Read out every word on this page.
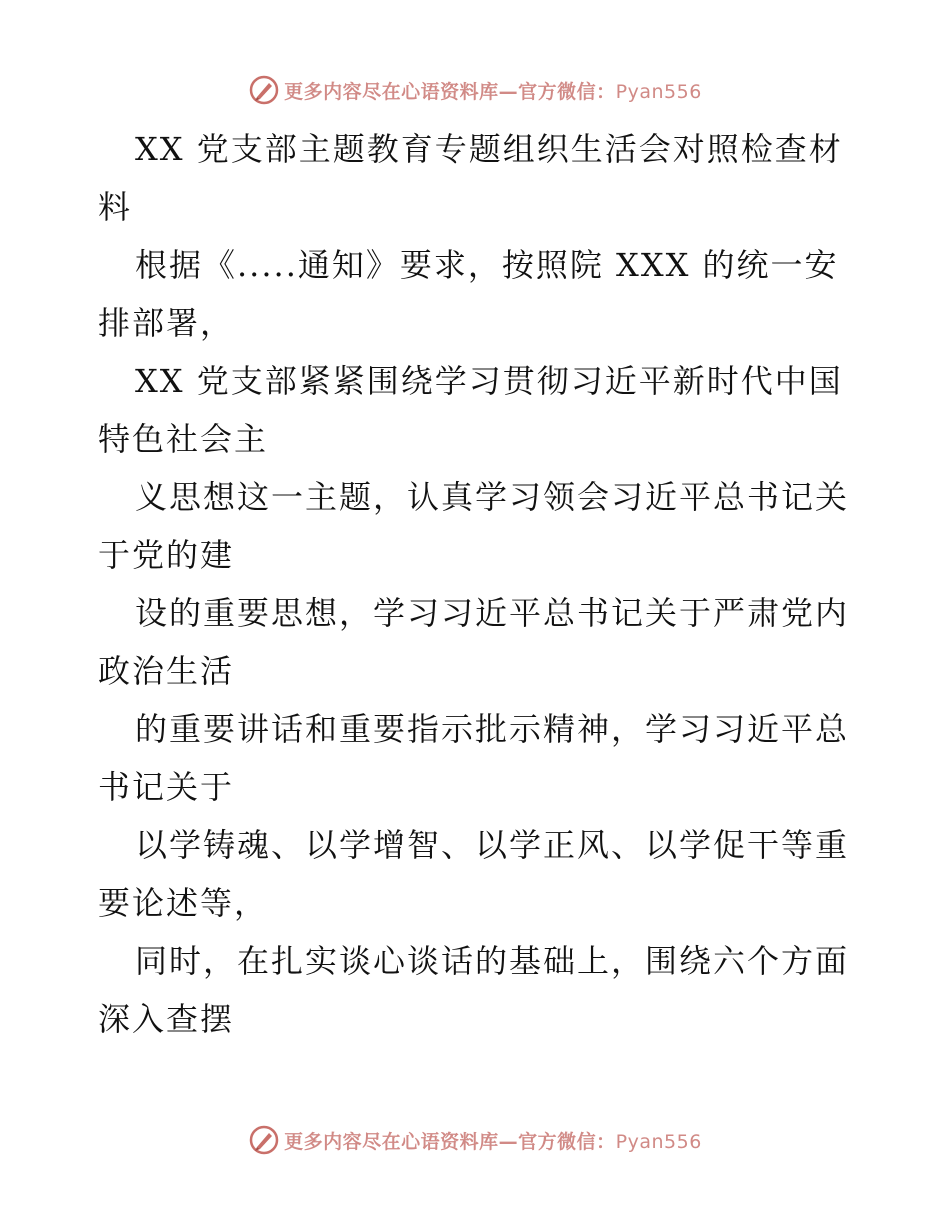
更多内容尽在心语资料库—官方微信：Pyan556

XX 党支部主题教育专题组织生活会对照检查材料

根据《.....通知》要求，按照院 XXX 的统一安排部署，

XX 党支部紧紧围绕学习贯彻习近平新时代中国特色社会主

义思想这一主题，认真学习领会习近平总书记关于党的建

设的重要思想，学习习近平总书记关于严肃党内政治生活

的重要讲话和重要指示批示精神，学习习近平总书记关于

以学铸魂、以学增智、以学正风、以学促干等重要论述等，

同时，在扎实谈心谈话的基础上，围绕六个方面深入查摆

更多内容尽在心语资料库—官方微信：Pyan556
